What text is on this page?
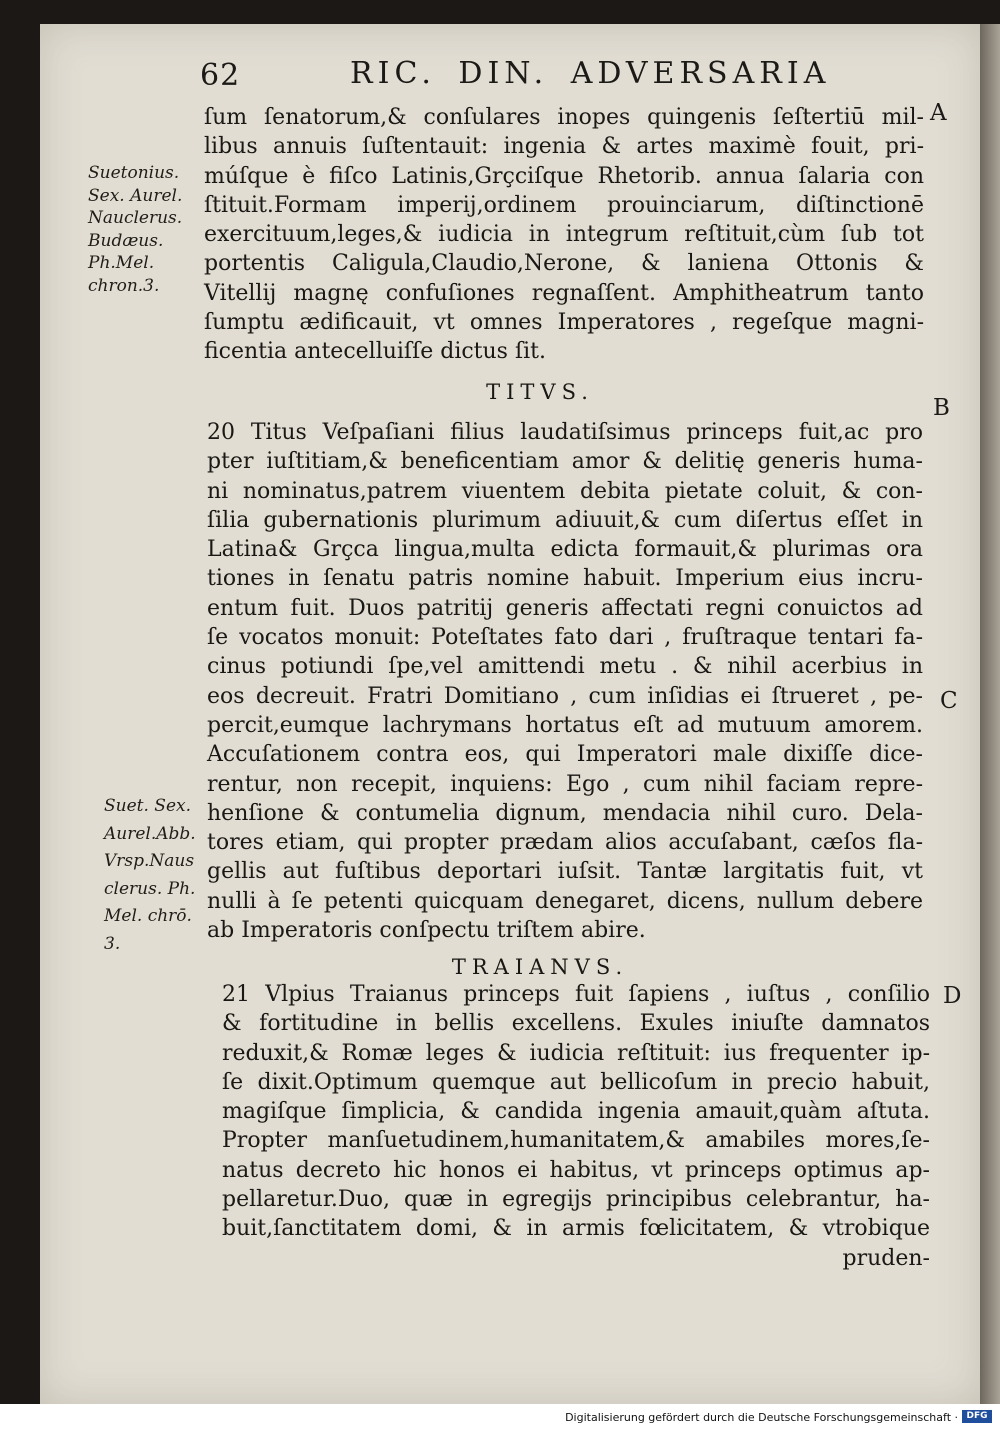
62	RIC. DIN. ADVERSARIA
A
B
C
D
Suetonius.
Sex. Aurel.
Nauclerus.
Budæus.
Ph.Mel.
chron.3.
Suet. Sex.
Aurel.Abb.
Vrsp.Naus
clerus. Ph.
Mel. chrō.
3.
ſum ſenatorum,& conſulares inopes quingenis ſeſtertiū mil-
libus annuis ſuſtentauit: ingenia & artes maximè fouit, pri-
múſque è fiſco Latinis,Grçciſque Rhetorib. annua ſalaria con
ſtituit.Formam imperij,ordinem prouinciarum, diſtinctionē
exercituum,leges,& iudicia in integrum reſtituit,cùm ſub tot
portentis Caligula,Claudio,Nerone, & laniena Ottonis &
Vitellij magnę confuſiones regnaſſent. Amphitheatrum tanto
ſumptu ædificauit, vt omnes Imperatores , regeſque magni-
ficentia antecelluiſſe dictus ſit.
TITVS.
20 Titus Veſpaſiani filius laudatiſsimus princeps fuit,ac pro
pter iuſtitiam,& beneficentiam amor & delitię generis huma-
ni nominatus,patrem viuentem debita pietate coluit, & con-
ſilia gubernationis plurimum adiuuit,& cum diſertus eſſet in
Latina& Grçca lingua,multa edicta formauit,& plurimas ora
tiones in ſenatu patris nomine habuit. Imperium eius incru-
entum fuit. Duos patritij generis affectati regni conuictos ad
ſe vocatos monuit: Poteſtates fato dari , fruſtraque tentari fa-
cinus potiundi ſpe,vel amittendi metu . & nihil acerbius in
eos decreuit. Fratri Domitiano , cum inſidias ei ſtrueret , pe-
percit,eumque lachrymans hortatus eſt ad mutuum amorem.
Accuſationem contra eos, qui Imperatori male dixiſſe dice-
rentur, non recepit, inquiens: Ego , cum nihil faciam repre-
henſione & contumelia dignum, mendacia nihil curo. Dela-
tores etiam, qui propter prædam alios accuſabant, cæſos fla-
gellis aut fuſtibus deportari iuſsit. Tantæ largitatis fuit, vt
nulli à ſe petenti quicquam denegaret, dicens, nullum debere
ab Imperatoris conſpectu triſtem abire.
TRAIANVS.
21 Vlpius Traianus princeps fuit ſapiens , iuſtus , conſilio
& fortitudine in bellis excellens. Exules iniuſte damnatos
reduxit,& Romæ leges & iudicia reſtituit: ius frequenter ip-
ſe dixit.Optimum quemque aut bellicoſum in precio habuit,
magiſque ſimplicia, & candida ingenia amauit,quàm aſtuta.
Propter manſuetudinem,humanitatem,& amabiles mores,ſe-
natus decreto hic honos ei habitus, vt princeps optimus ap-
pellaretur.Duo, quæ in egregijs principibus celebrantur, ha-
buit,ſanctitatem domi, & in armis fœlicitatem, & vtrobique
pruden-
Digitalisierung gefördert durch die Deutsche Forschungsgemeinschaft · DFG
